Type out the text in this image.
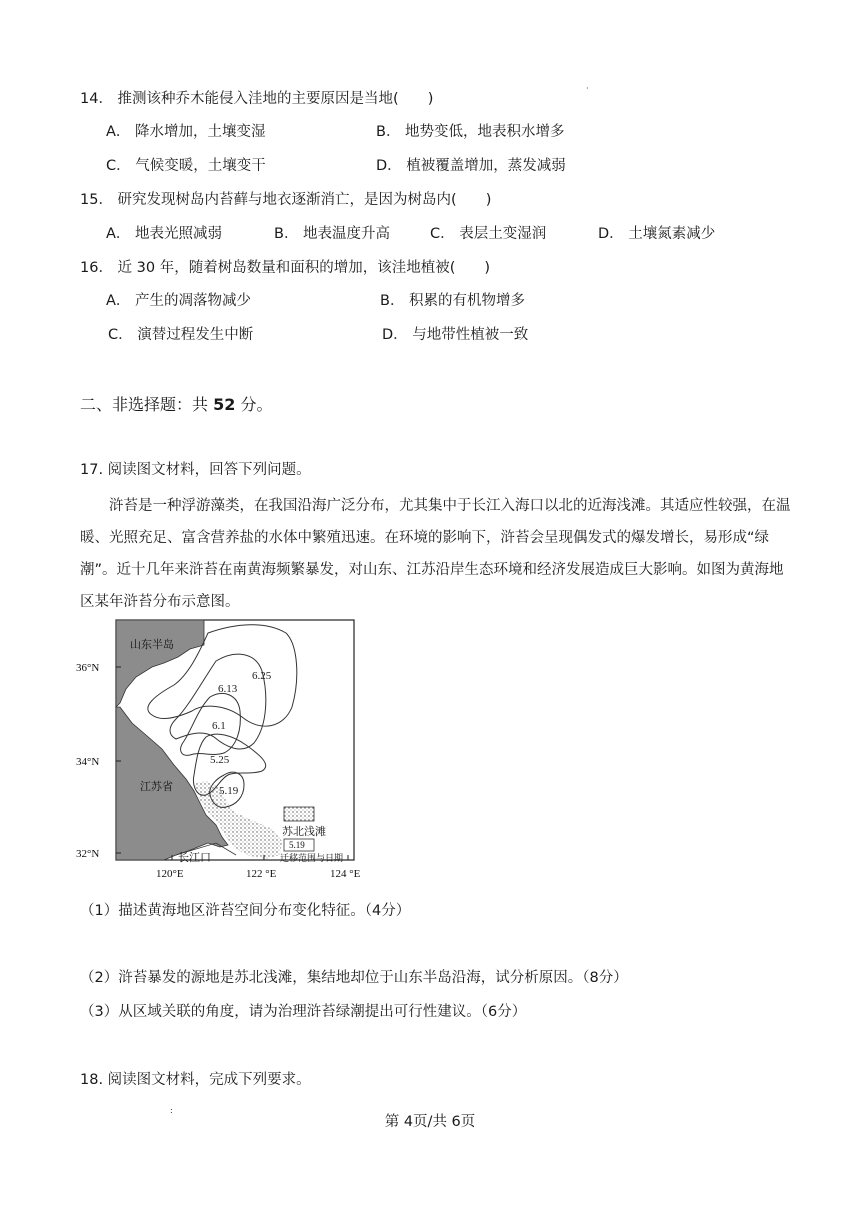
·
:
14． 推测该种乔木能侵入洼地的主要原因是当地(　　)
A． 降水增加，土壤变湿	B． 地势变低，地表积水增多
C． 气候变暖，土壤变干	D． 植被覆盖增加，蒸发减弱
15． 研究发现树岛内苔藓与地衣逐渐消亡，是因为树岛内(　　)
A． 地表光照减弱	B． 地表温度升高	C． 表层土变湿润	D． 土壤氮素减少
16． 近 30 年，随着树岛数量和面积的增加，该洼地植被(　　)
A． 产生的凋落物减少	B． 积累的有机物增多
C． 演替过程发生中断	D． 与地带性植被一致
二、非选择题：共 52 分。
17. 阅读图文材料，回答下列问题。
浒苔是一种浮游藻类，在我国沿海广泛分布，尤其集中于长江入海口以北的近海浅滩。其适应性较强，在温暖、光照充足、富含营养盐的水体中繁殖迅速。在环境的影响下，浒苔会呈现偶发式的爆发增长，易形成“绿潮”。近十几年来浒苔在南黄海频繁暴发，对山东、江苏沿岸生态环境和经济发展造成巨大影响。如图为黄海地区某年浒苔分布示意图。
6.25
6.13
6.1
5.25
5.19
山东半岛
江苏省
长江口
苏北浅滩
5.19
迁移范围与日期
36°N
34°N
32°N
120°E	122 °E	124 °E
（1）描述黄海地区浒苔空间分布变化特征。（4分）
（2）浒苔暴发的源地是苏北浅滩，集结地却位于山东半岛沿海，试分析原因。（8分）
（3）从区域关联的角度，请为治理浒苔绿潮提出可行性建议。（6分）
18. 阅读图文材料，完成下列要求。
第 4页/共 6页
